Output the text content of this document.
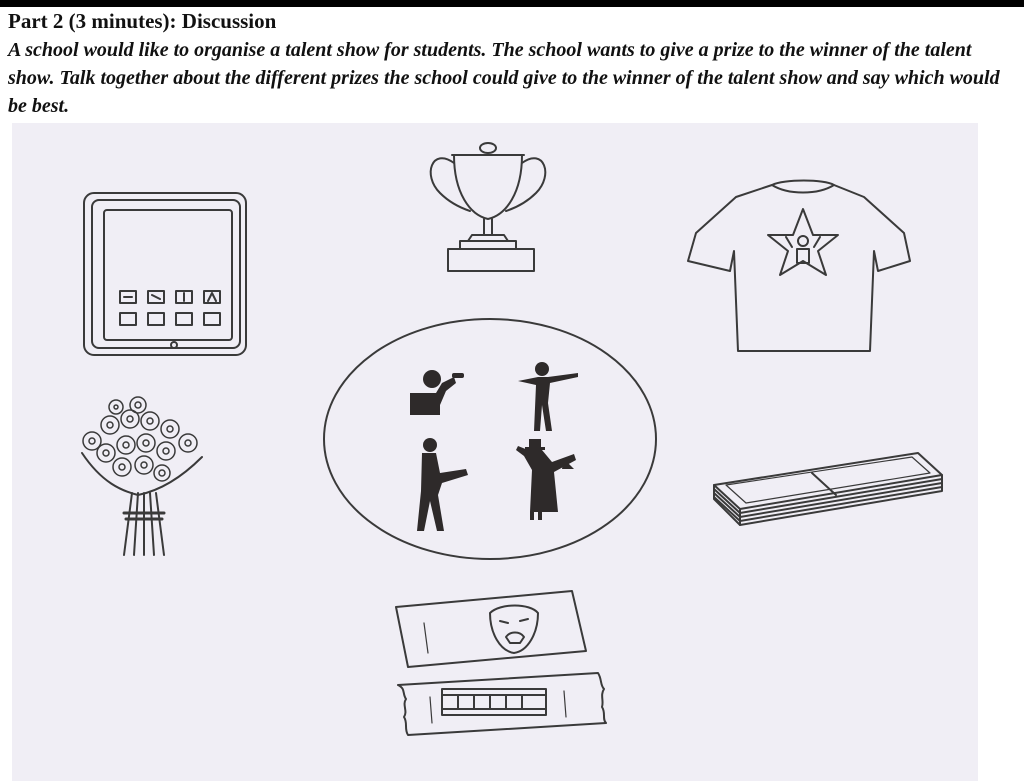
Part 2 (3 minutes): Discussion
A school would like to organise a talent show for students. The school wants to give a prize to the winner of the talent show. Talk together about the different prizes the school could give to the winner of the talent show and say which would be best.
